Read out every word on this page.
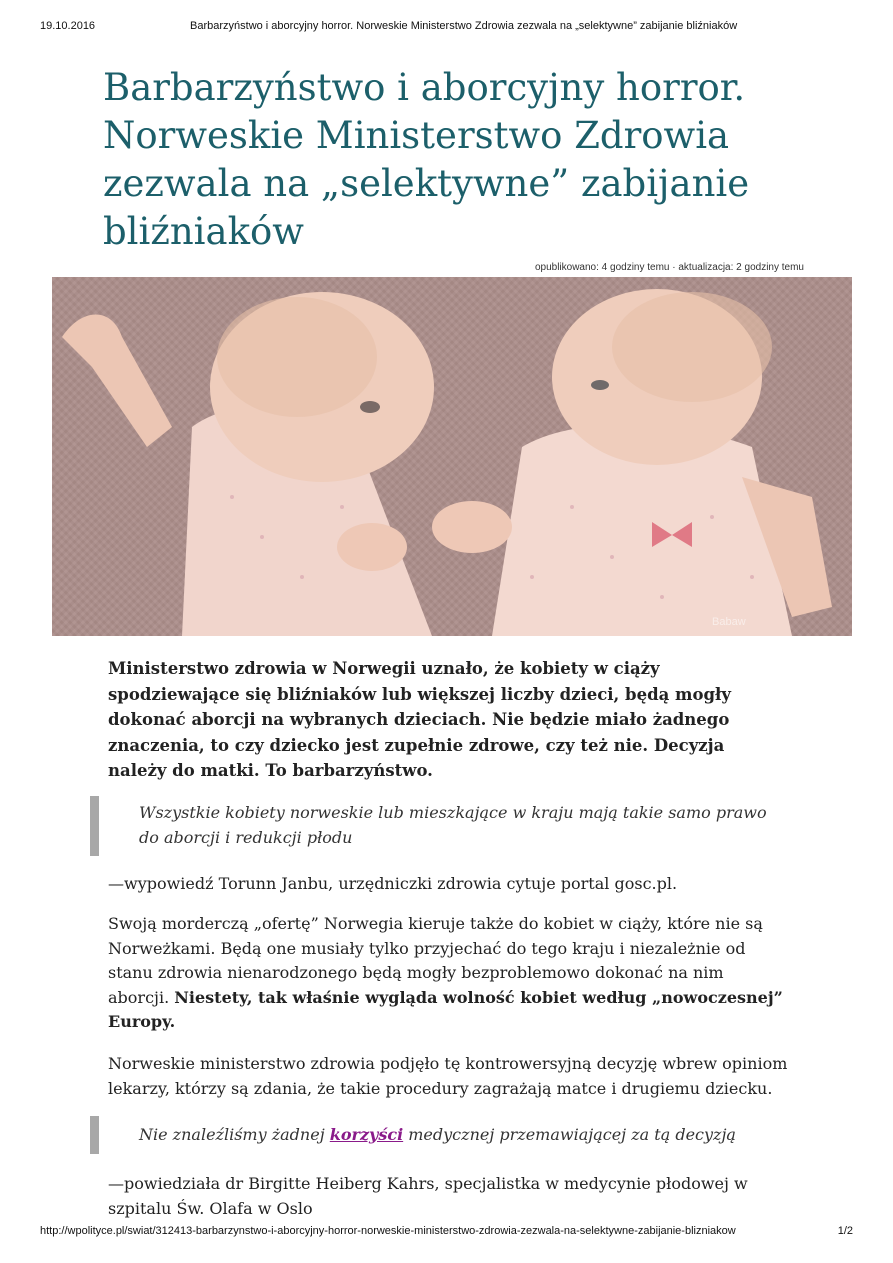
19.10.2016	Barbarzyństwo i aborcyjny horror. Norweskie Ministerstwo Zdrowia zezwala na „selektywne” zabijanie bliźniaków
Barbarzyństwo i aborcyjny horror. Norweskie Ministerstwo Zdrowia zezwala na „selektywne” zabijanie bliźniaków
opublikowano: 4 godziny temu · aktualizacja: 2 godziny temu
Babaw
Ministerstwo zdrowia w Norwegii uznało, że kobiety w ciąży spodziewające się bliźniaków lub większej liczby dzieci, będą mogły dokonać aborcji na wybranych dzieciach. Nie będzie miało żadnego znaczenia, to czy dziecko jest zupełnie zdrowe, czy też nie. Decyzja należy do matki. To barbarzyństwo.
Wszystkie kobiety norweskie lub mieszkające w kraju mają takie samo prawo do aborcji i redukcji płodu
—wypowiedź Torunn Janbu, urzędniczki zdrowia cytuje portal gosc.pl.
Swoją morderczą „ofertę” Norwegia kieruje także do kobiet w ciąży, które nie są Norweżkami. Będą one musiały tylko przyjechać do tego kraju i niezależnie od stanu zdrowia nienarodzonego będą mogły bezproblemowo dokonać na nim aborcji. Niestety, tak właśnie wygląda wolność kobiet według „nowoczesnej” Europy.
Norweskie ministerstwo zdrowia podjęło tę kontrowersyjną decyzję wbrew opiniom lekarzy, którzy są zdania, że takie procedury zagrażają matce i drugiemu dziecku.
Nie znaleźliśmy żadnej korzyści medycznej przemawiającej za tą decyzją
—powiedziała dr Birgitte Heiberg Kahrs, specjalistka w medycynie płodowej w szpitalu Św. Olafa w Oslo
http://wpolityce.pl/swiat/312413-barbarzynstwo-i-aborcyjny-horror-norweskie-ministerstwo-zdrowia-zezwala-na-selektywne-zabijanie-blizniakow	1/2
